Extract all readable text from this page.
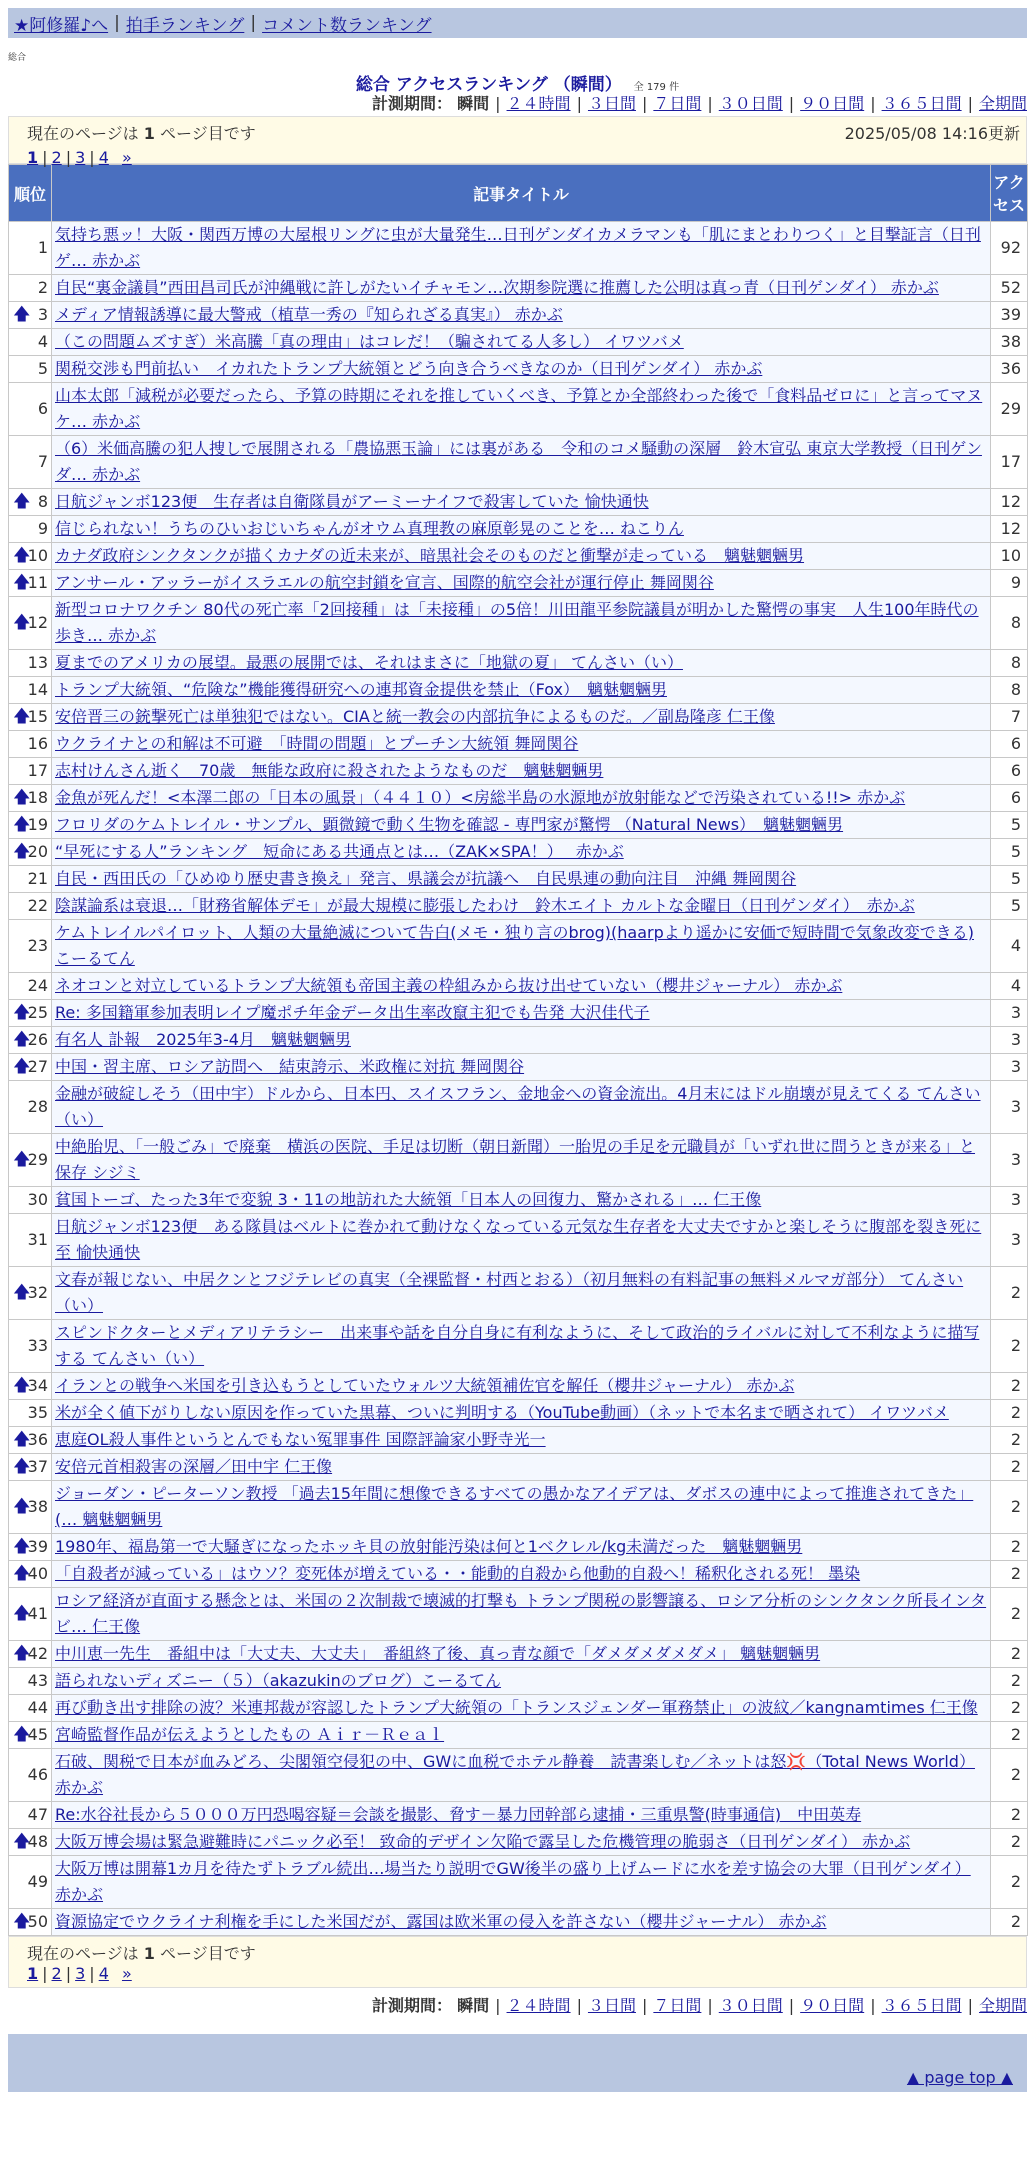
★阿修羅♪へ | 拍手ランキング | コメント数ランキング
総合
総合 アクセスランキング （瞬間） 全 179 件
計測期間： 瞬間 | ２４時間 | ３日間 | ７日間 | ３０日間 | ９０日間 | ３６５日間 | 全期間
現在のページは 1 ページ目です	2025/05/08 14:16更新
1 | 2 | 3 | 4 »
順位	記事タイトル	アクセス
1	気持ち悪ッ！大阪・関西万博の大屋根リングに虫が大量発生…日刊ゲンダイカメラマンも「肌にまとわりつく」と目撃証言（日刊ゲ… 赤かぶ	92
2	自民“裏金議員”西田昌司氏が沖縄戦に許しがたいイチャモン…次期参院選に推薦した公明は真っ青（日刊ゲンダイ） 赤かぶ	52

🡅 3	メディア情報誘導に最大警戒（植草一秀の『知られざる真実』） 赤かぶ	39
4	（この問題ムズすぎ）米高騰「真の理由」はコレだ！（騙されてる人多し） イワツバメ	38
5	関税交渉も門前払い　イカれたトランプ大統領とどう向き合うべきなのか（日刊ゲンダイ） 赤かぶ	36
6	山本太郎「減税が必要だったら、予算の時期にそれを推していくべき、予算とか全部終わった後で「食料品ゼロに」と言ってマヌケ… 赤かぶ	29
7	（6）米価高騰の犯人捜しで展開される「農協悪玉論」には裏がある　令和のコメ騒動の深層　鈴木宣弘 東京大学教授（日刊ゲンダ… 赤かぶ	17

🡅 8	日航ジャンボ123便　生存者は自衛隊員がアーミーナイフで殺害していた 愉快通快	12
9	信じられない！うちのひいおじいちゃんがオウム真理教の麻原彰晃のことを… ねこりん	12

🡅
10	カナダ政府シンクタンクが描くカナダの近未来が、暗黒社会そのものだと衝撃が走っている　魑魅魍魎男	10

🡅
11	アンサール・アッラーがイスラエルの航空封鎖を宣言、国際的航空会社が運行停止 舞岡関谷	9

🡅
12	新型コロナワクチン 80代の死亡率「2回接種」は「未接種」の5倍！川田龍平参院議員が明かした驚愕の事実　人生100年時代の歩き… 赤かぶ	8
13	夏までのアメリカの展望。最悪の展開では、それはまさに「地獄の夏」 てんさい（い）	8
14	トランプ大統領、“危険な”機能獲得研究への連邦資金提供を禁止（Fox）　魑魅魍魎男	8

🡅
15	安倍晋三の銃撃死亡は単独犯ではない。CIAと統一教会の内部抗争によるものだ。／副島隆彦 仁王像	7
16	ウクライナとの和解は不可避　「時間の問題」とプーチン大統領 舞岡関谷	6
17	志村けんさん逝く　70歳　無能な政府に殺されたようなものだ　魑魅魍魎男	6

🡅
18	金魚が死んだ！<本澤二郎の「日本の風景」（４４１０）<房総半島の水源地が放射能などで汚染されている!!> 赤かぶ	6

🡅
19	フロリダのケムトレイル・サンプル、顕微鏡で動く生物を確認 - 専門家が驚愕 （Natural News）　魑魅魍魎男	5

🡅
20	“早死にする人”ランキング　短命にある共通点とは…（ZAK×SPA！）　 赤かぶ	5
21	自民・西田氏の「ひめゆり歴史書き換え」発言、県議会が抗議へ　自民県連の動向注目　沖縄 舞岡関谷	5
22	陰謀論系は衰退…「財務省解体デモ」が最大規模に膨張したわけ　鈴木エイト カルトな金曜日（日刊ゲンダイ）　赤かぶ	5
23	ケムトレイルパイロット、人類の大量絶滅について告白(メモ・独り言のbrog)(haarpより遥かに安価で短時間で気象改変できる) こーるてん	4
24	ネオコンと対立しているトランプ大統領も帝国主義の枠組みから抜け出せていない（櫻井ジャーナル） 赤かぶ	4

🡅
25	Re: 多国籍軍参加表明レイプ魔ポチ年金データ出生率改竄主犯でも告発 大沢佳代子	3

🡅
26	有名人 訃報　2025年3-4月　魑魅魍魎男	3

🡅
27	中国・習主席、ロシア訪問へ　結束誇示、米政権に対抗 舞岡関谷	3
28	金融が破綻しそう（田中宇）ドルから、日本円、スイスフラン、金地金への資金流出。4月末にはドル崩壊が見えてくる てんさい（い）	3

🡅
29	中絶胎児、「一般ごみ」で廃棄　横浜の医院、手足は切断（朝日新聞）一胎児の手足を元職員が「いずれ世に問うときが来る」と保存 シジミ	3
30	貧国トーゴ、たった3年で変貌 3・11の地訪れた大統領「日本人の回復力、驚かされる」… 仁王像	3
31	日航ジャンボ123便　ある隊員はベルトに巻かれて動けなくなっている元気な生存者を大丈夫ですかと楽しそうに腹部を裂き死に至 愉快通快	3

🡅
32	文春が報じない、中居クンとフジテレビの真実（全裸監督・村西とおる）（初月無料の有料記事の無料メルマガ部分） てんさい（い）	2
33	スピンドクターとメディアリテラシー　出来事や話を自分自身に有利なように、そして政治的ライバルに対して不利なように描写する てんさい（い）	2

🡅
34	イランとの戦争へ米国を引き込もうとしていたウォルツ大統領補佐官を解任（櫻井ジャーナル） 赤かぶ	2
35	米が全く値下がりしない原因を作っていた黒幕、ついに判明する（YouTube動画）（ネットで本名まで晒されて） イワツバメ	2

🡅
36	恵庭OL殺人事件というとんでもない冤罪事件 国際評論家小野寺光一	2

🡅
37	安倍元首相殺害の深層／田中宇 仁王像	2

🡅
38	ジョーダン・ピーターソン教授 「過去15年間に想像できるすべての愚かなアイデアは、ダボスの連中によって推進されてきた」(… 魑魅魍魎男	2

🡅
39	1980年、福島第一で大騒ぎになったホッキ貝の放射能汚染は何と1ベクレル/kg未満だった　魑魅魍魎男	2

🡅
40	「自殺者が減っている」はウソ？変死体が増えている・・能動的自殺から他動的自殺へ！稀釈化される死！ 墨染	2

🡅
41	ロシア経済が直面する懸念とは、米国の２次制裁で壊滅的打撃も トランプ関税の影響譲る、ロシア分析のシンクタンク所長インタビ… 仁王像	2

🡅
42	中川恵一先生　番組中は「大丈夫、大丈夫」　番組終了後、真っ青な顔で「ダメダメダメダメ」 魑魅魍魎男	2
43	語られないディズニー（５）（akazukinのブログ）こーるてん	2
44	再び動き出す排除の波？米連邦裁が容認したトランプ大統領の「トランスジェンダー軍務禁止」の波紋／kangnamtimes 仁王像	2

🡅
45	宮崎監督作品が伝えようとしたもの Ａｉｒ－Ｒｅａｌ	2
46	石破、関税で日本が血みどろ、尖閣領空侵犯の中、GWに血税でホテル静養　読書楽しむ／ネットは怒💢（Total News World） 赤かぶ	2
47	Re:水谷社長から５０００万円恐喝容疑＝会談を撮影、脅す－暴力団幹部ら逮捕・三重県警(時事通信)　中田英寿	2

🡅
48	大阪万博会場は緊急避難時にパニック必至！ 致命的デザイン欠陥で露呈した危機管理の脆弱さ（日刊ゲンダイ） 赤かぶ	2
49	大阪万博は開幕1カ月を待たずトラブル続出…場当たり説明でGW後半の盛り上げムードに水を差す協会の大罪（日刊ゲンダイ） 赤かぶ	2

🡅
50	資源協定でウクライナ利権を手にした米国だが、露国は欧米軍の侵入を許さない（櫻井ジャーナル） 赤かぶ	2
現在のページは 1 ページ目です
1 | 2 | 3 | 4 »
計測期間： 瞬間 | ２４時間 | ３日間 | ７日間 | ３０日間 | ９０日間 | ３６５日間 | 全期間
▲ page top ▲
